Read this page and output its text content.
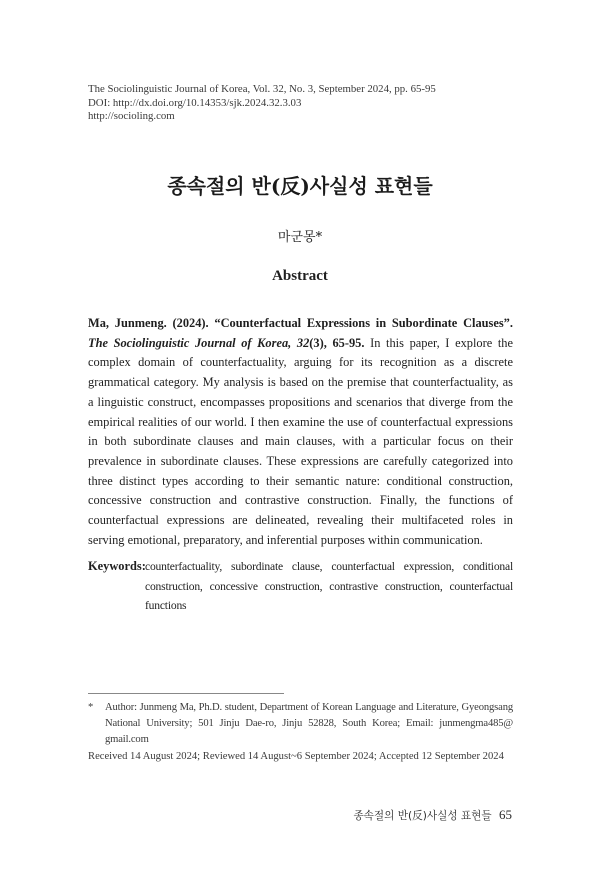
The Sociolinguistic Journal of Korea, Vol. 32, No. 3, September 2024, pp. 65-95
DOI: http://dx.doi.org/10.14353/sjk.2024.32.3.03
http://socioling.com
종속절의 반(反)사실성 표현들
마군몽*
Abstract
Ma, Junmeng. (2024). “Counterfactual Expressions in Subordinate Clauses”. The Sociolinguistic Journal of Korea, 32(3), 65-95. In this paper, I explore the complex domain of counterfactuality, arguing for its recognition as a discrete grammatical category. My analysis is based on the premise that counterfactuality, as a linguistic construct, encompasses propositions and scenarios that diverge from the empirical realities of our world. I then examine the use of counterfactual expressions in both subordinate clauses and main clauses, with a particular focus on their prevalence in subordinate clauses. These expressions are carefully categorized into three distinct types according to their semantic nature: conditional construction, concessive construction and contrastive construction. Finally, the functions of counterfactual expressions are delineated, revealing their multifaceted roles in serving emotional, preparatory, and inferential purposes within communication.
Keywords: counterfactuality, subordinate clause, counterfactual expression, conditional construction, concessive construction, contrastive construction, counterfactual functions
* Author: Junmeng Ma, Ph.D. student, Department of Korean Language and Literature, Gyeongsang National University; 501 Jinju Dae-ro, Jinju 52828, South Korea; Email: junmengma485@ gmail.com
Received 14 August 2024; Reviewed 14 August~6 September 2024; Accepted 12 September 2024
종속절의 반(反)사실성 표현들 65
